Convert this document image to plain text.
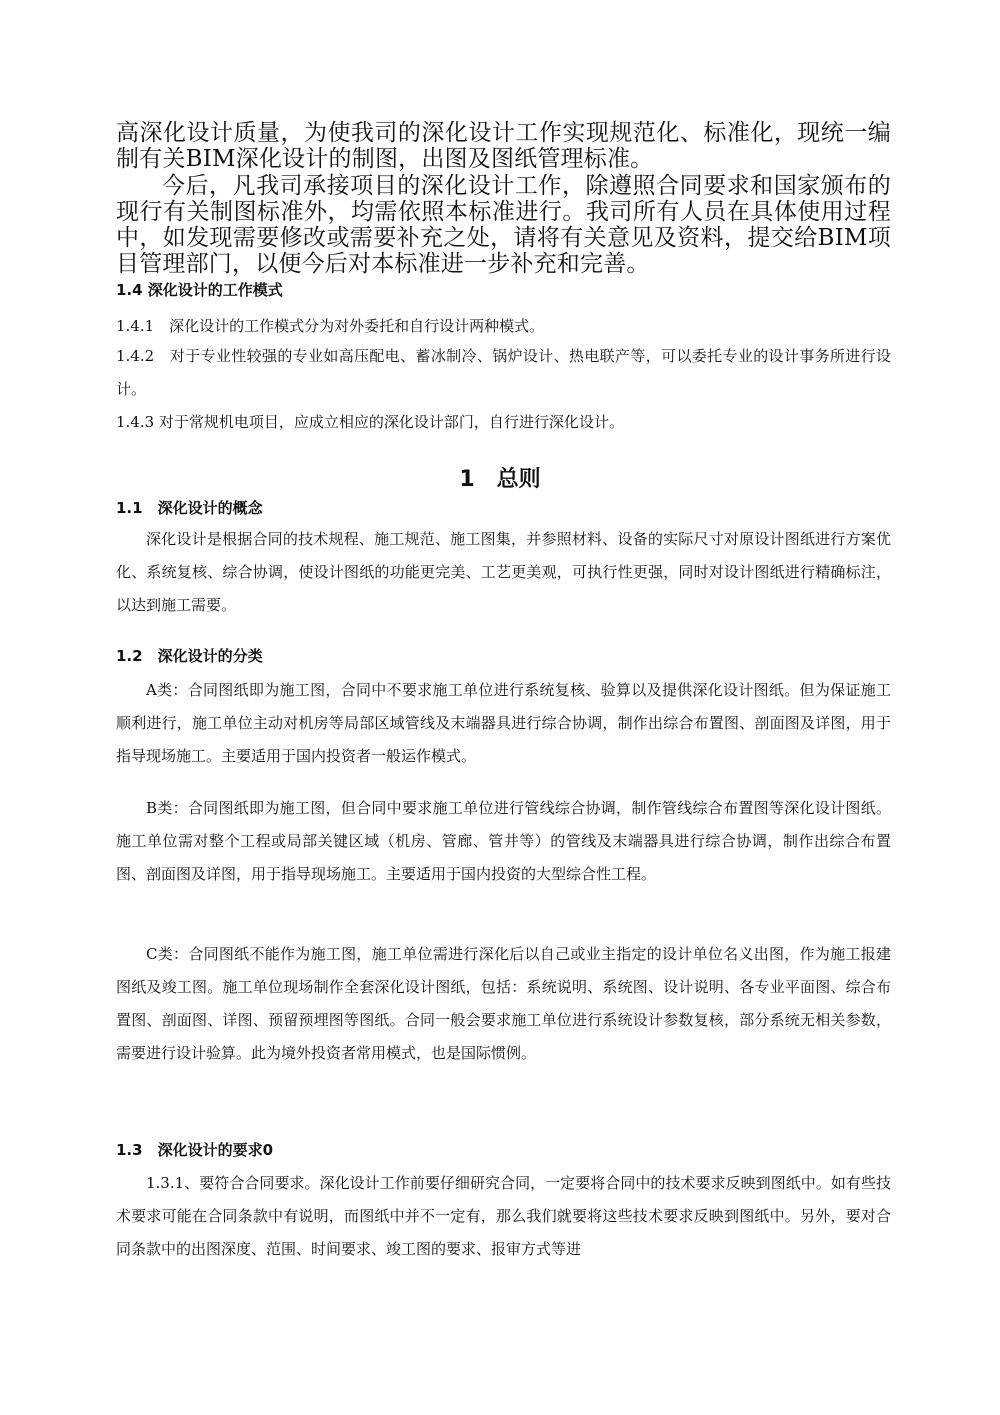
高深化设计质量，为使我司的深化设计工作实现规范化、标准化，现统一编制有关BIM深化设计的制图，出图及图纸管理标准。
今后，凡我司承接项目的深化设计工作，除遵照合同要求和国家颁布的现行有关制图标准外，均需依照本标准进行。我司所有人员在具体使用过程中，如发现需要修改或需要补充之处，请将有关意见及资料，提交给BIM项目管理部门，以便今后对本标准进一步补充和完善。
1.4 深化设计的工作模式
1.4.1　深化设计的工作模式分为对外委托和自行设计两种模式。
1.4.2　对于专业性较强的专业如高压配电、蓄冰制冷、锅炉设计、热电联产等，可以委托专业的设计事务所进行设计。
1.4.3 对于常规机电项目，应成立相应的深化设计部门，自行进行深化设计。
1 总则
1.1　深化设计的概念
深化设计是根据合同的技术规程、施工规范、施工图集，并参照材料、设备的实际尺寸对原设计图纸进行方案优化、系统复核、综合协调，使设计图纸的功能更完美、工艺更美观，可执行性更强，同时对设计图纸进行精确标注，以达到施工需要。
1.2　深化设计的分类
A类：合同图纸即为施工图，合同中不要求施工单位进行系统复核、验算以及提供深化设计图纸。但为保证施工顺利进行，施工单位主动对机房等局部区域管线及末端器具进行综合协调，制作出综合布置图、剖面图及详图，用于指导现场施工。主要适用于国内投资者一般运作模式。
B类：合同图纸即为施工图，但合同中要求施工单位进行管线综合协调，制作管线综合布置图等深化设计图纸。施工单位需对整个工程或局部关键区域（机房、管廊、管井等）的管线及末端器具进行综合协调，制作出综合布置图、剖面图及详图，用于指导现场施工。主要适用于国内投资的大型综合性工程。
C类：合同图纸不能作为施工图，施工单位需进行深化后以自己或业主指定的设计单位名义出图，作为施工报建图纸及竣工图。施工单位现场制作全套深化设计图纸，包括：系统说明、系统图、设计说明、各专业平面图、综合布置图、剖面图、详图、预留预埋图等图纸。合同一般会要求施工单位进行系统设计参数复核，部分系统无相关参数，需要进行设计验算。此为境外投资者常用模式，也是国际惯例。
1.3　深化设计的要求0
1.3.1、要符合合同要求。深化设计工作前要仔细研究合同，一定要将合同中的技术要求反映到图纸中。如有些技术要求可能在合同条款中有说明，而图纸中并不一定有，那么我们就要将这些技术要求反映到图纸中。另外，要对合同条款中的出图深度、范围、时间要求、竣工图的要求、报审方式等进
